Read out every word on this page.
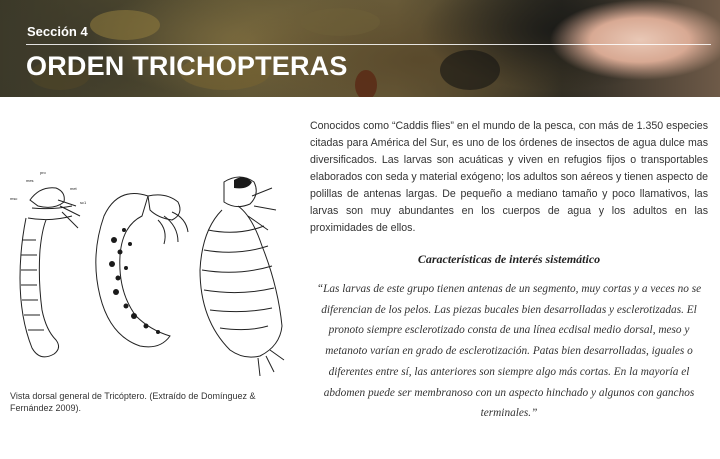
Sección 4
ORDEN TRICHOPTERAS
pro
mes
met
sc1
msc
Vista dorsal general de Tricóptero. (Extraído de Domínguez & Fernández 2009).

Conocidos como “Caddis flies” en el mundo de la pesca, con más de 1.350 especies citadas para América del Sur, es uno de los órdenes de insectos de agua dulce mas diversificados. Las larvas son acuáticas y viven en refugios fijos o transportables elaborados con seda y material exógeno; los adultos son aéreos y tienen aspecto de polillas de antenas largas. De pequeño a mediano tamaño y poco llamativos, las larvas son muy abundantes en los cuerpos de agua y los adultos en las proximidades de ellos.

Características de interés sistemático

“Las larvas de este grupo tienen antenas de un segmento, muy cortas y a veces no se diferencian de los pelos. Las piezas bucales bien desarrolladas y esclerotizadas. El pronoto siempre esclerotizado consta de una línea ecdisal medio dorsal, meso y metanoto varían en grado de esclerotización. Patas bien desarrolladas, iguales o diferentes entre sí, las anteriores son siempre algo más cortas. En la mayoría el abdomen puede ser membranoso con un aspecto hinchado y algunos con ganchos terminales.”
